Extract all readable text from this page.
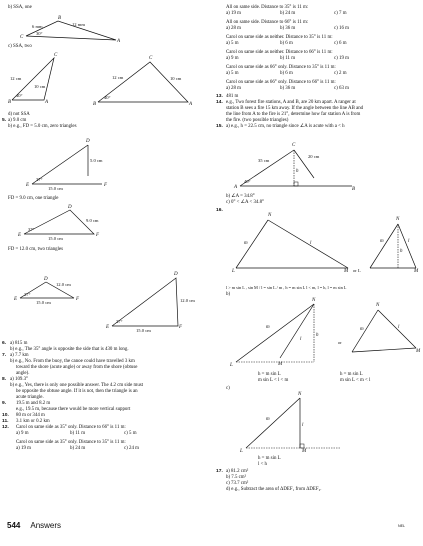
b) SSA, one
C
B
A
6 mm	12 mm
30°
c) SSA, two
B
C
A
12 cm
10 cm
40°
B
C
A
12 cm	10 cm
40°
d) not SSA
5. a) 9.0 cm
b) e.g., FD = 5.0 cm, zero triangles
D
E	F
5.0 cm
37°
15.0 cm
FD = 9.0 cm, one triangle
D
E	F
9.0 cm
37°
15.0 cm
FD = 12.0 cm, two triangles
D
E	F
12.0 cm
37°
15.0 cm
D
E	F
12.0 cm
37°
15.0 cm
6. a) 815 m
b) e.g., The 35° angle is opposite the side that is 430 m long.
7. a) 7.7 km
b) e.g., No. From the buoy, the canoe could have travelled 3 km
toward the shore (acute angle) or away from the shore (obtuse
angle).
8. a) 109.3°
b) e.g., Yes, there is only one possible answer. The 4.2 cm side must
be opposite the obtuse angle. If it is not, then the triangle is an
acute triangle.
9. 19.5 m and 8.2 m
e.g., 19.5 m, because there would be more vertical support
10. 80 m or 344 m
11. 3.1 km or 0.2 km
12. Carol on same side as 35° only. Distance to 66° is 11 m:
a) 9 m	b) 11 m	c) 5 m
Carol on same side as 35° only. Distance to 35° is 11 m:
a) 19 m	b) 24 m	c) 24 m
All on same side. Distance to 35° is 11 m:
a) 19 m	b) 24 m	c) 7 m
All on same side. Distance to 66° is 11 m:
a) 28 m	b) 36 m	c) 16 m
Carol on same side as neither. Distance to 35° is 11 m:
a) 5 m	b) 6 m	c) 6 m
Carol on same side as neither. Distance to 66° is 11 m:
a) 9 m	b) 11 m	c) 19 m
Carol on same side as 66° only. Distance to 35° is 11 m:
a) 5 m	b) 6 m	c) 2 m
Carol on same side as 66° only. Distance to 66° is 11 m:
a) 28 m	b) 36 m	c) 63 m
13. 481 m
14. e.g., Two forest fire stations, A and B, are 20 km apart. A ranger at
station B sees a fire 15 km away. If the angle between the line AB and
the line from A to the fire is 21°, determine how far station A is from
the fire. (two possible triangles)
15. a) e.g., h = 22.5 cm, no triangle since ∠A is acute with a < h
C
A	B
h
35 cm
20 cm
40°
b) ∠A = 34.8°
c) 0° < ∠A < 34.8°
16.
N
L	M
m	l
or L
N
M
m	l
h
l > m sin L , sin M / l = sin L / m , h = m sin L l < m, l = h, l = m sin L
b)
N
L	M
m
l
h
or
N
M
m	l
h = m sin L
m sin L < l < m
h = m sin L
m sin L < m < l
c)
N
L	M
m
l
h = m sin L
l < h
17. a) 81.2 cm²
b) 7.5 cm²
c) 73.7 cm²
d) e.g., Subtract the area of ΔDEF₁ from ΔDEF₂.
544 Answers	NEL
